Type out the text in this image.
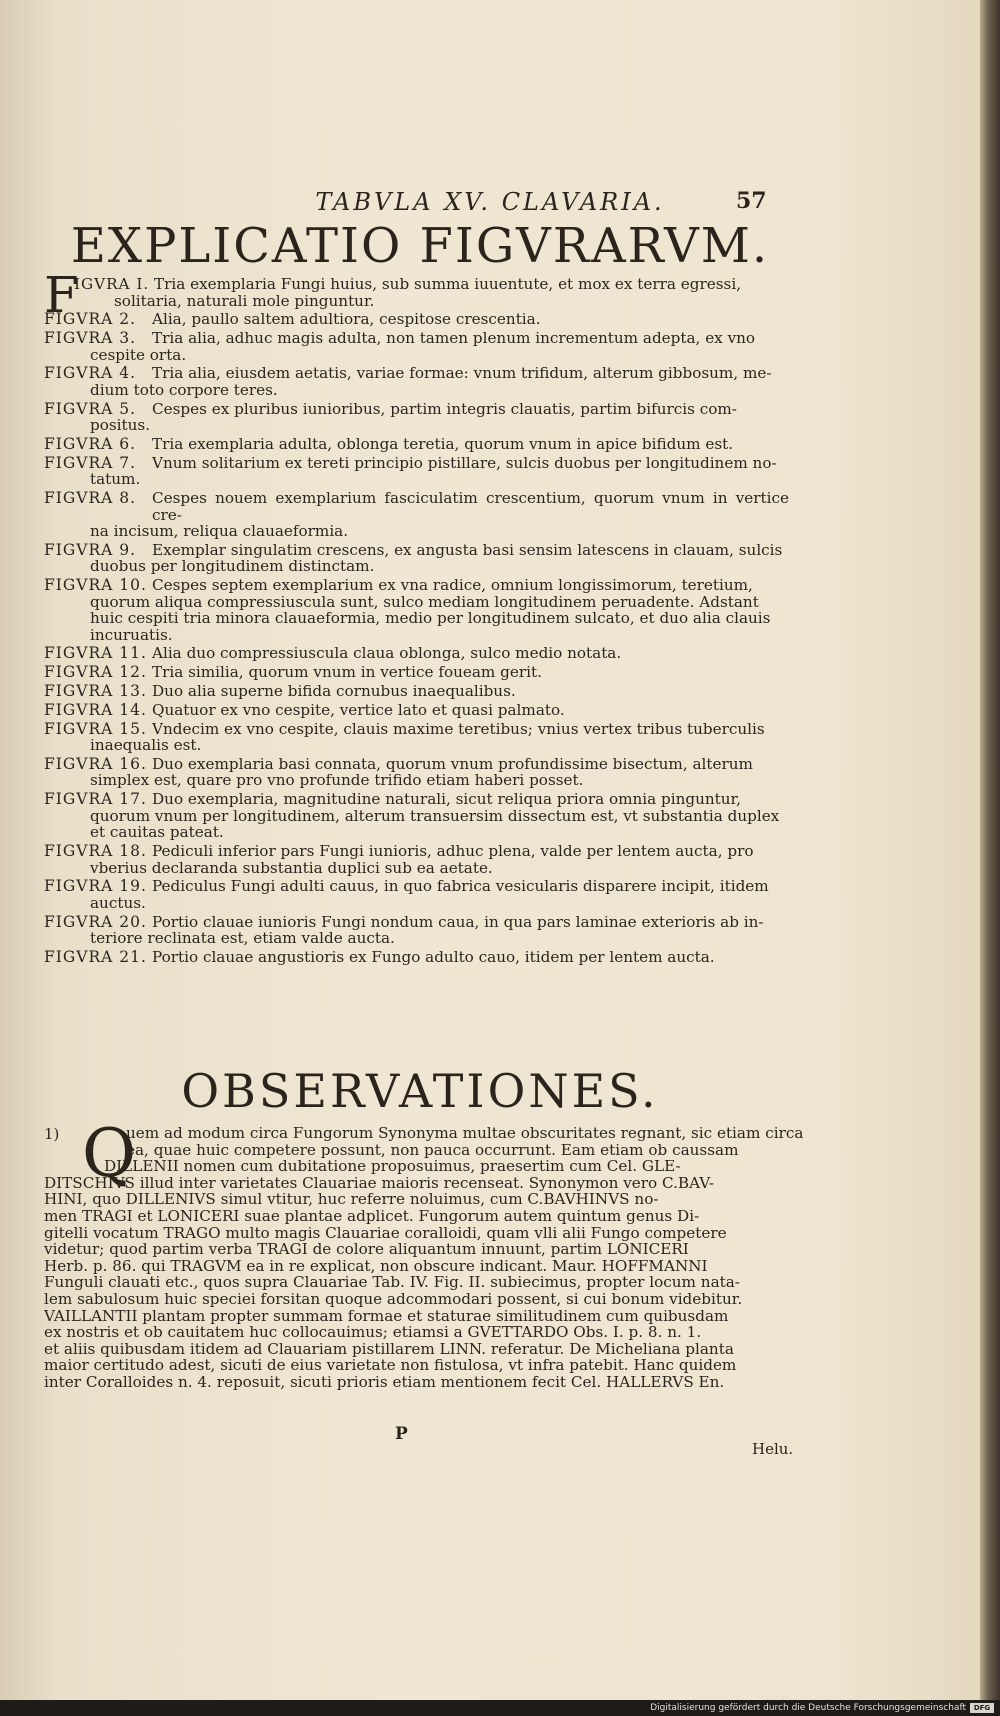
TABVLA XV. CLAVARIA.	57
EXPLICATIO FIGVRARVM.
F
IGVRA I. Tria exemplaria Fungi huius, sub summa iuuentute, et mox ex terra egressi,
solitaria, naturali mole pinguntur.
FIGVRA 2. Alia, paullo saltem adultiora, cespitose crescentia.
FIGVRA 3. Tria alia, adhuc magis adulta, non tamen plenum incrementum adepta, ex vno
cespite orta.
FIGVRA 4. Tria alia, eiusdem aetatis, variae formae: vnum trifidum, alterum gibbosum, me-
dium toto corpore teres.
FIGVRA 5. Cespes ex pluribus iunioribus, partim integris clauatis, partim bifurcis com-
positus.
FIGVRA 6. Tria exemplaria adulta, oblonga teretia, quorum vnum in apice bifidum est.
FIGVRA 7. Vnum solitarium ex tereti principio pistillare, sulcis duobus per longitudinem no-
tatum.
FIGVRA 8. Cespes nouem exemplarium fasciculatim crescentium, quorum vnum in vertice cre-
na incisum, reliqua clauaeformia.
FIGVRA 9. Exemplar singulatim crescens, ex angusta basi sensim latescens in clauam, sulcis
duobus per longitudinem distinctam.
FIGVRA 10. Cespes septem exemplarium ex vna radice, omnium longissimorum, teretium,
quorum aliqua compressiuscula sunt, sulco mediam longitudinem peruadente. Adstant huic cespiti tria minora clauaeformia, medio per longitudinem sulcato, et duo alia clauis incuruatis.
FIGVRA 11. Alia duo compressiuscula claua oblonga, sulco medio notata.
FIGVRA 12. Tria similia, quorum vnum in vertice foueam gerit.
FIGVRA 13. Duo alia superne bifida cornubus inaequalibus.
FIGVRA 14. Quatuor ex vno cespite, vertice lato et quasi palmato.
FIGVRA 15. Vndecim ex vno cespite, clauis maxime teretibus; vnius vertex tribus tuberculis
inaequalis est.
FIGVRA 16. Duo exemplaria basi connata, quorum vnum profundissime bisectum, alterum
simplex est, quare pro vno profunde trifido etiam haberi posset.
FIGVRA 17. Duo exemplaria, magnitudine naturali, sicut reliqua priora omnia pinguntur,
quorum vnum per longitudinem, alterum transuersim dissectum est, vt substantia duplex et cauitas pateat.
FIGVRA 18. Pediculi inferior pars Fungi iunioris, adhuc plena, valde per lentem aucta, pro
vberius declaranda substantia duplici sub ea aetate.
FIGVRA 19. Pediculus Fungi adulti cauus, in quo fabrica vesicularis disparere incipit, itidem
auctus.
FIGVRA 20. Portio clauae iunioris Fungi nondum caua, in qua pars laminae exterioris ab in-
teriore reclinata est, etiam valde aucta.
FIGVRA 21. Portio clauae angustioris ex Fungo adulto cauo, itidem per lentem aucta.
OBSERVATIONES.
1) Q
uem ad modum circa Fungorum Synonyma multae obscuritates regnant, sic etiam circa
ea, quae huic competere possunt, non pauca occurrunt. Eam etiam ob caussam
DILLENII nomen cum dubitatione proposuimus, praesertim cum Cel. GLE-
DITSCHIVS illud inter varietates Clauariae maioris recenseat. Synonymon vero C.BAV-
HINI, quo DILLENIVS simul vtitur, huc referre noluimus, cum C.BAVHINVS no-
men TRAGI et LONICERI suae plantae adplicet. Fungorum autem quintum genus Di-
gitelli vocatum TRAGO multo magis Clauariae coralloidi, quam vlli alii Fungo competere
videtur; quod partim verba TRAGI de colore aliquantum innuunt, partim LONICERI
Herb. p. 86. qui TRAGVM ea in re explicat, non obscure indicant. Maur. HOFFMANNI
Funguli clauati etc., quos supra Clauariae Tab. IV. Fig. II. subiecimus, propter locum nata-
lem sabulosum huic speciei forsitan quoque adcommodari possent, si cui bonum videbitur.
VAILLANTII plantam propter summam formae et staturae similitudinem cum quibusdam
ex nostris et ob cauitatem huc collocauimus; etiamsi a GVETTARDO Obs. I. p. 8. n. 1.
et aliis quibusdam itidem ad Clauariam pistillarem LINN. referatur. De Micheliana planta
maior certitudo adest, sicuti de eius varietate non fistulosa, vt infra patebit. Hanc quidem
inter Coralloides n. 4. reposuit, sicuti prioris etiam mentionem fecit Cel. HALLERVS En.
P
Helu.
Digitalisierung gefördert durch die Deutsche Forschungsgemeinschaft	DFG
